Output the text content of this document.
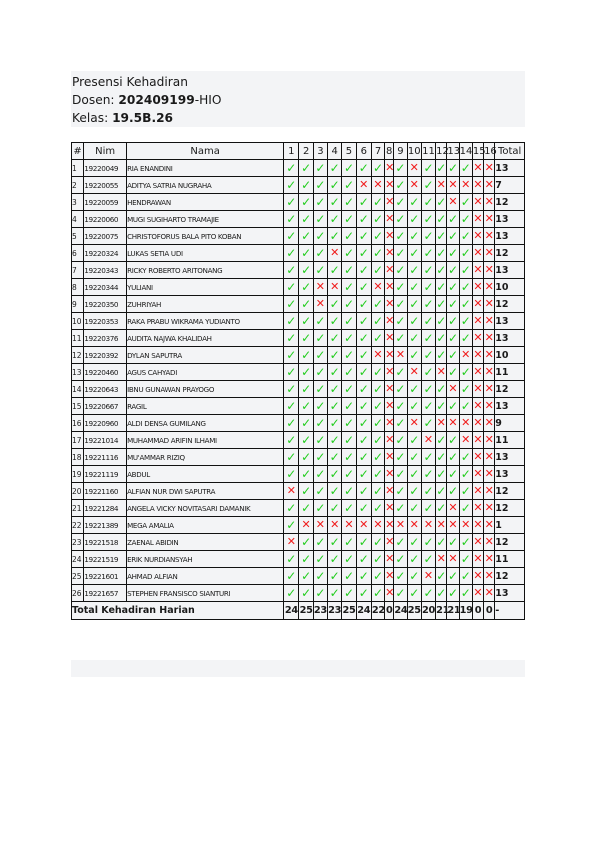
Presensi Kehadiran
Dosen: 202409199-HIO
Kelas: 19.5B.26
#	Nim	Nama	1	2	3	4	5	6	7	8	9	10	11	12	13	14	15	16	Total
1	19220049	RIA ENANDINI	✓	✓	✓	✓	✓	✓	✓	✕	✓	✕	✓	✓	✓	✓	✕	✕	13
2	19220055	ADITYA SATRIA NUGRAHA	✓	✓	✓	✓	✓	✕	✕	✕	✓	✕	✓	✕	✕	✕	✕	✕	7
3	19220059	HENDRAWAN	✓	✓	✓	✓	✓	✓	✓	✕	✓	✓	✓	✓	✕	✓	✕	✕	12
4	19220060	MUGI SUGIHARTO TRAMAJIE	✓	✓	✓	✓	✓	✓	✓	✕	✓	✓	✓	✓	✓	✓	✕	✕	13
5	19220075	CHRISTOFORUS BALA PITO KOBAN	✓	✓	✓	✓	✓	✓	✓	✕	✓	✓	✓	✓	✓	✓	✕	✕	13
6	19220324	LUKAS SETIA UDI	✓	✓	✓	✕	✓	✓	✓	✕	✓	✓	✓	✓	✓	✓	✕	✕	12
7	19220343	RICKY ROBERTO ARITONANG	✓	✓	✓	✓	✓	✓	✓	✕	✓	✓	✓	✓	✓	✓	✕	✕	13
8	19220344	YULIANI	✓	✓	✕	✕	✓	✓	✕	✕	✓	✓	✓	✓	✓	✓	✕	✕	10
9	19220350	ZUHRIYAH	✓	✓	✕	✓	✓	✓	✓	✕	✓	✓	✓	✓	✓	✓	✕	✕	12
10	19220353	RAKA PRABU WIKRAMA YUDIANTO	✓	✓	✓	✓	✓	✓	✓	✕	✓	✓	✓	✓	✓	✓	✕	✕	13
11	19220376	AUDITA NAJWA KHALIDAH	✓	✓	✓	✓	✓	✓	✓	✕	✓	✓	✓	✓	✓	✓	✕	✕	13
12	19220392	DYLAN SAPUTRA	✓	✓	✓	✓	✓	✓	✕	✕	✕	✓	✓	✓	✓	✕	✕	✕	10
13	19220460	AGUS CAHYADI	✓	✓	✓	✓	✓	✓	✓	✕	✓	✕	✓	✕	✓	✓	✕	✕	11
14	19220643	IBNU GUNAWAN PRAYOGO	✓	✓	✓	✓	✓	✓	✓	✕	✓	✓	✓	✓	✕	✓	✕	✕	12
15	19220667	RAGIL	✓	✓	✓	✓	✓	✓	✓	✕	✓	✓	✓	✓	✓	✓	✕	✕	13
16	19220960	ALDI DENSA GUMILANG	✓	✓	✓	✓	✓	✓	✓	✕	✓	✕	✓	✕	✕	✕	✕	✕	9
17	19221014	MUHAMMAD ARIFIN ILHAMI	✓	✓	✓	✓	✓	✓	✓	✕	✓	✓	✕	✓	✓	✕	✕	✕	11
18	19221116	MU'AMMAR RIZIQ	✓	✓	✓	✓	✓	✓	✓	✕	✓	✓	✓	✓	✓	✓	✕	✕	13
19	19221119	ABDUL	✓	✓	✓	✓	✓	✓	✓	✕	✓	✓	✓	✓	✓	✓	✕	✕	13
20	19221160	ALFIAN NUR DWI SAPUTRA	✕	✓	✓	✓	✓	✓	✓	✕	✓	✓	✓	✓	✓	✓	✕	✕	12
21	19221284	ANGELA VICKY NOVITASARI DAMANIK	✓	✓	✓	✓	✓	✓	✓	✕	✓	✓	✓	✓	✕	✓	✕	✕	12
22	19221389	MEGA AMALIA	✓	✕	✕	✕	✕	✕	✕	✕	✕	✕	✕	✕	✕	✕	✕	✕	1
23	19221518	ZAENAL ABIDIN	✕	✓	✓	✓	✓	✓	✓	✕	✓	✓	✓	✓	✓	✓	✕	✕	12
24	19221519	ERIK NURDIANSYAH	✓	✓	✓	✓	✓	✓	✓	✕	✓	✓	✓	✕	✕	✓	✕	✕	11
25	19221601	AHMAD ALFIAN	✓	✓	✓	✓	✓	✓	✓	✕	✓	✓	✕	✓	✓	✓	✕	✕	12
26	19221657	STEPHEN FRANSISCO SIANTURI	✓	✓	✓	✓	✓	✓	✓	✕	✓	✓	✓	✓	✓	✓	✕	✕	13
Total Kehadiran Harian			24	25	23	23	25	24	22	0	24	25	20	21	21	19	0	0	-
